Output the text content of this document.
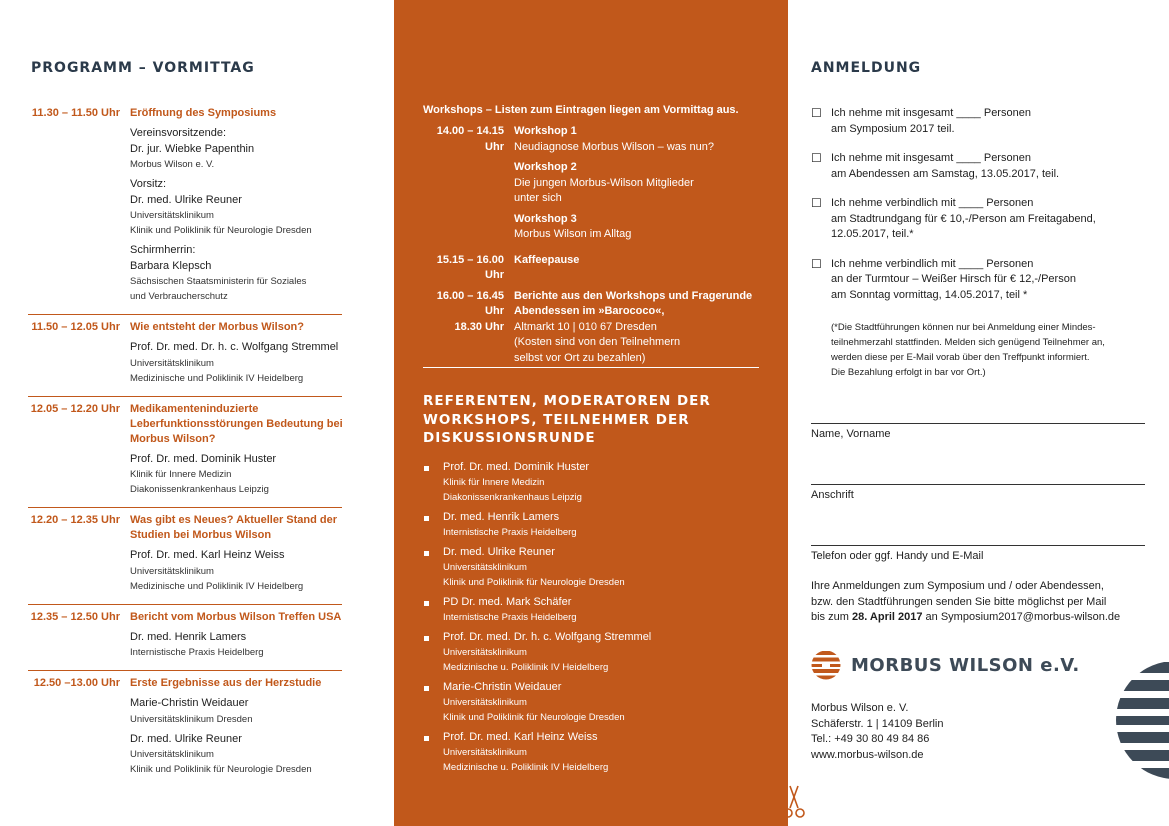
PROGRAMM – VORMITTAG
11.30 – 11.50 Uhr Eröffnung des Symposiums
Vereinsvorsitzende:
Dr. jur. Wiebke Papenthin
Morbus Wilson e. V.
Vorsitz:
Dr. med. Ulrike Reuner
Universitätsklinikum
Klinik und Poliklinik für Neurologie Dresden
Schirmherrin:
Barbara Klepsch
Sächsischen Staatsministerin für Soziales
und Verbraucherschutz
11.50 – 12.05 Uhr Wie entsteht der Morbus Wilson?
Prof. Dr. med. Dr. h. c. Wolfgang Stremmel
Universitätsklinikum
Medizinische und Poliklinik IV Heidelberg
12.05 – 12.20 Uhr Medikamenteninduzierte Leberfunktionsstörungen Bedeutung bei Morbus Wilson?
Prof. Dr. med. Dominik Huster
Klinik für Innere Medizin
Diakonissenkrankenhaus Leipzig
12.20 – 12.35 Uhr Was gibt es Neues? Aktueller Stand der Studien bei Morbus Wilson
Prof. Dr. med. Karl Heinz Weiss
Universitätsklinikum
Medizinische und Poliklinik IV Heidelberg
12.35 – 12.50 Uhr Bericht vom Morbus Wilson Treffen USA
Dr. med. Henrik Lamers
Internistische Praxis Heidelberg
12.50 –13.00 Uhr Erste Ergebnisse aus der Herzstudie
Marie-Christin Weidauer
Universitätsklinikum Dresden
Dr. med. Ulrike Reuner
Universitätsklinikum
Klinik und Poliklinik für Neurologie Dresden
Workshops – Listen zum Eintragen liegen am Vormittag aus.
14.00 – 14.15 Uhr
Workshop 1
Neudiagnose Morbus Wilson – was nun?
Workshop 2
Die jungen Morbus-Wilson Mitglieder
unter sich
Workshop 3
Morbus Wilson im Alltag
15.15 – 16.00 Uhr
Kaffeepause
16.00 – 16.45 Uhr
18.30 Uhr
Berichte aus den Workshops und Fragerunde
Abendessen im »Barococo«,
Altmarkt 10 | 010 67 Dresden
(Kosten sind von den Teilnehmern
selbst vor Ort zu bezahlen)
REFERENTEN, MODERATOREN DER WORKSHOPS, TEILNEHMER DER DISKUSSIONSRUNDE
Prof. Dr. med. Dominik Huster
Klinik für Innere Medizin
Diakonissenkrankenhaus Leipzig
Dr. med. Henrik Lamers
Internistische Praxis Heidelberg
Dr. med. Ulrike Reuner
Universitätsklinikum
Klinik und Poliklinik für Neurologie Dresden
PD Dr. med. Mark Schäfer
Internistische Praxis Heidelberg
Prof. Dr. med. Dr. h. c. Wolfgang Stremmel
Universitätsklinikum
Medizinische u. Poliklinik IV Heidelberg
Marie-Christin Weidauer
Universitätsklinikum
Klinik und Poliklinik für Neurologie Dresden
Prof. Dr. med. Karl Heinz Weiss
Universitätsklinikum
Medizinische u. Poliklinik IV Heidelberg
ANMELDUNG
☐ Ich nehme mit insgesamt ____ Personen
am Symposium 2017 teil.
☐ Ich nehme mit insgesamt ____ Personen
am Abendessen am Samstag, 13.05.2017, teil.
☐ Ich nehme verbindlich mit ____ Personen
am Stadtrundgang für € 10,-/Person am Freitagabend,
12.05.2017, teil.*
☐ Ich nehme verbindlich mit ____ Personen
an der Turmtour – Weißer Hirsch für € 12,-/Person
am Sonntag vormittag, 14.05.2017, teil *
(*Die Stadtführungen können nur bei Anmeldung einer Mindes-
teilnehmerzahl stattfinden. Melden sich genügend Teilnehmer an,
werden diese per E-Mail vorab über den Treffpunkt informiert.
Die Bezahlung erfolgt in bar vor Ort.)
Name, Vorname
Anschrift
Telefon oder ggf. Handy und E-Mail
Ihre Anmeldungen zum Symposium und / oder Abendessen,
bzw. den Stadtführungen senden Sie bitte möglichst per Mail
bis zum 28. April 2017 an Symposium2017@morbus-wilson.de
MORBUS WILSON e.V.
Morbus Wilson e. V.
Schäferstr. 1 | 14109 Berlin
Tel.: +49 30 80 49 84 86
www.morbus-wilson.de
